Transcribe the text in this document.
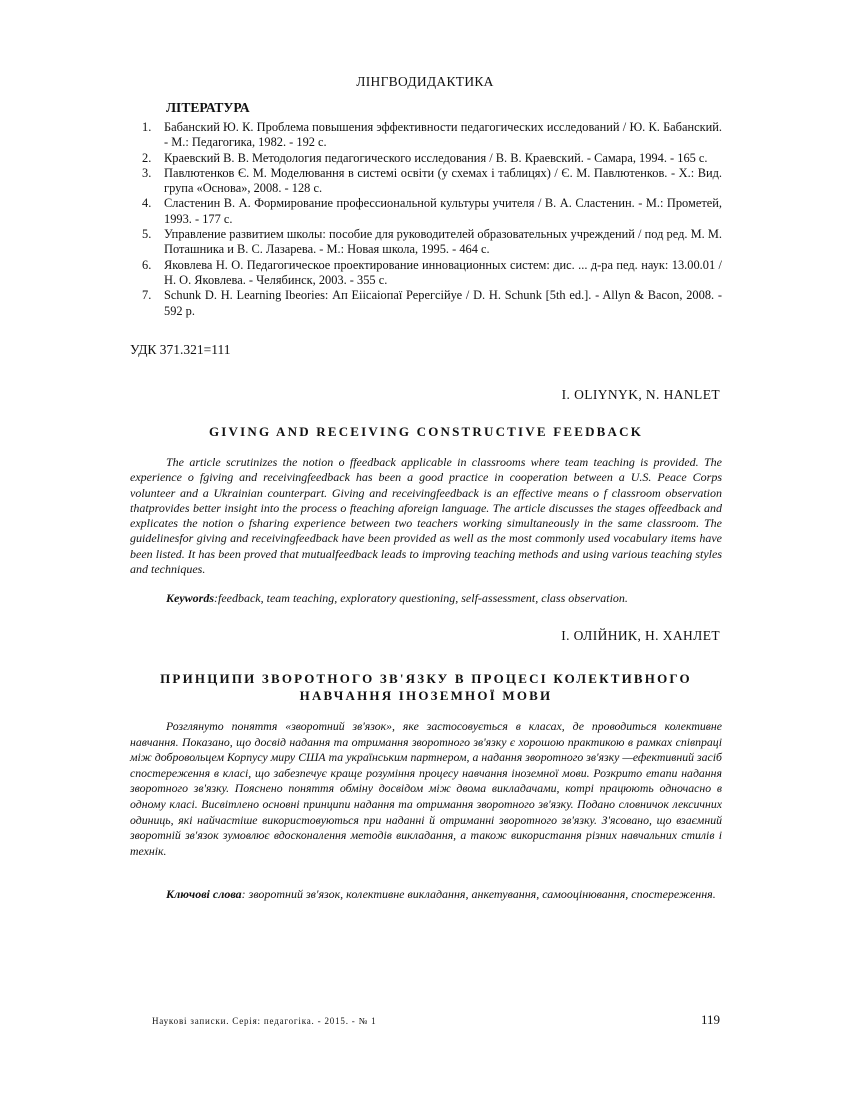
ЛІНГВОДИДАКТИКА
ЛІТЕРАТУРА
1.	Бабанский Ю. К. Проблема повышения эффективности педагогических исследований / Ю. К. Бабанский. - М.: Педагогика, 1982. - 192 с.
2.	Краевский В. В. Методология педагогического исследования / В. В. Краевский. - Самара, 1994. - 165 с.
3.	Павлютенков Є. М. Моделювання в системі освіти (у схемах і таблицях) / Є. М. Павлютенков. - Х.: Вид. група «Основа», 2008. - 128 с.
4.	Сластенин В. А. Формирование профессиональной культуры учителя / В. А. Сластенин. - М.: Прометей, 1993. - 177 с.
5.	Управление развитием школы: пособие для руководителей образовательных учреждений / под ред. М. М. Поташника и В. С. Лазарева. - М.: Новая школа, 1995. - 464 с.
6.	Яковлева Н. О. Педагогическое проектирование инновационных систем: дис. ... д-ра пед. наук: 13.00.01 / Н. О. Яковлева. - Челябинск, 2003. - 355 с.
7.	Schunk D. H. Learning Ibeories: Ап Еіісаіопаї Ререгсійуе / D. H. Schunk [5th ed.]. - Allyn & Bacon, 2008. - 592 p.
УДК 371.321=111
I. OLIYNYK, N. HANLET
GIVING AND RECEIVING CONSTRUCTIVE FEEDBACK

The article scrutinizes the notion o ffeedback applicable in classrooms where team teaching is provided. The experience o fgiving and receivingfeedback has been a good practice in cooperation between a U.S. Peace Corps volunteer and a Ukrainian counterpart. Giving and receivingfeedback is an effective means o f classroom observation thatprovides better insight into the process o fteaching aforeign language. The article discusses the stages offeedback and explicates the notion o fsharing experience between two teachers working simultaneously in the same classroom. The guidelinesfor giving and receivingfeedback have been provided as well as the most commonly used vocabulary items have been listed. It has been proved that mutualfeedback leads to improving teaching methods and using various teaching styles and techniques.

Keywords:feedback, team teaching, exploratory questioning, self-assessment, class observation.

І. ОЛІЙНИК, Н. ХАНЛЕТ
ПРИНЦИПИ ЗВОРОТНОГО ЗВ'ЯЗКУ В ПРОЦЕСІ КОЛЕКТИВНОГО
НАВЧАННЯ ІНОЗЕМНОЇ МОВИ

Розглянуто поняття «зворотний зв'язок», яке застосовується в класах, де проводиться колективне навчання. Показано, що досвід надання та отримання зворотного зв'язку є хорошою практикою в рамках співпраці між добровольцем Корпусу миру США та українським партнером, а надання зворотного зв'язку —ефективний засіб спостереження в класі, що забезпечує краще розуміння процесу навчання іноземної мови. Розкрито етапи надання зворотного зв'язку. Пояснено поняття обміну досвідом між двома викладачами, котрі працюють одночасно в одному класі. Висвітлено основні принципи надання та отримання зворотного зв'язку. Подано словничок лексичних одиниць, які найчастіше використовуються при наданні й отриманні зворотного зв'язку. З'ясовано, що взаємний зворотній зв'язок зумовлює вдосконалення методів викладання, а також використання різних навчальних стилів і технік.

Ключові слова: зворотний зв'язок, колективне викладання, анкетування, самооцінювання, спостереження.

Наукові записки. Серія: педагогіка. - 2015. - № 1	119
